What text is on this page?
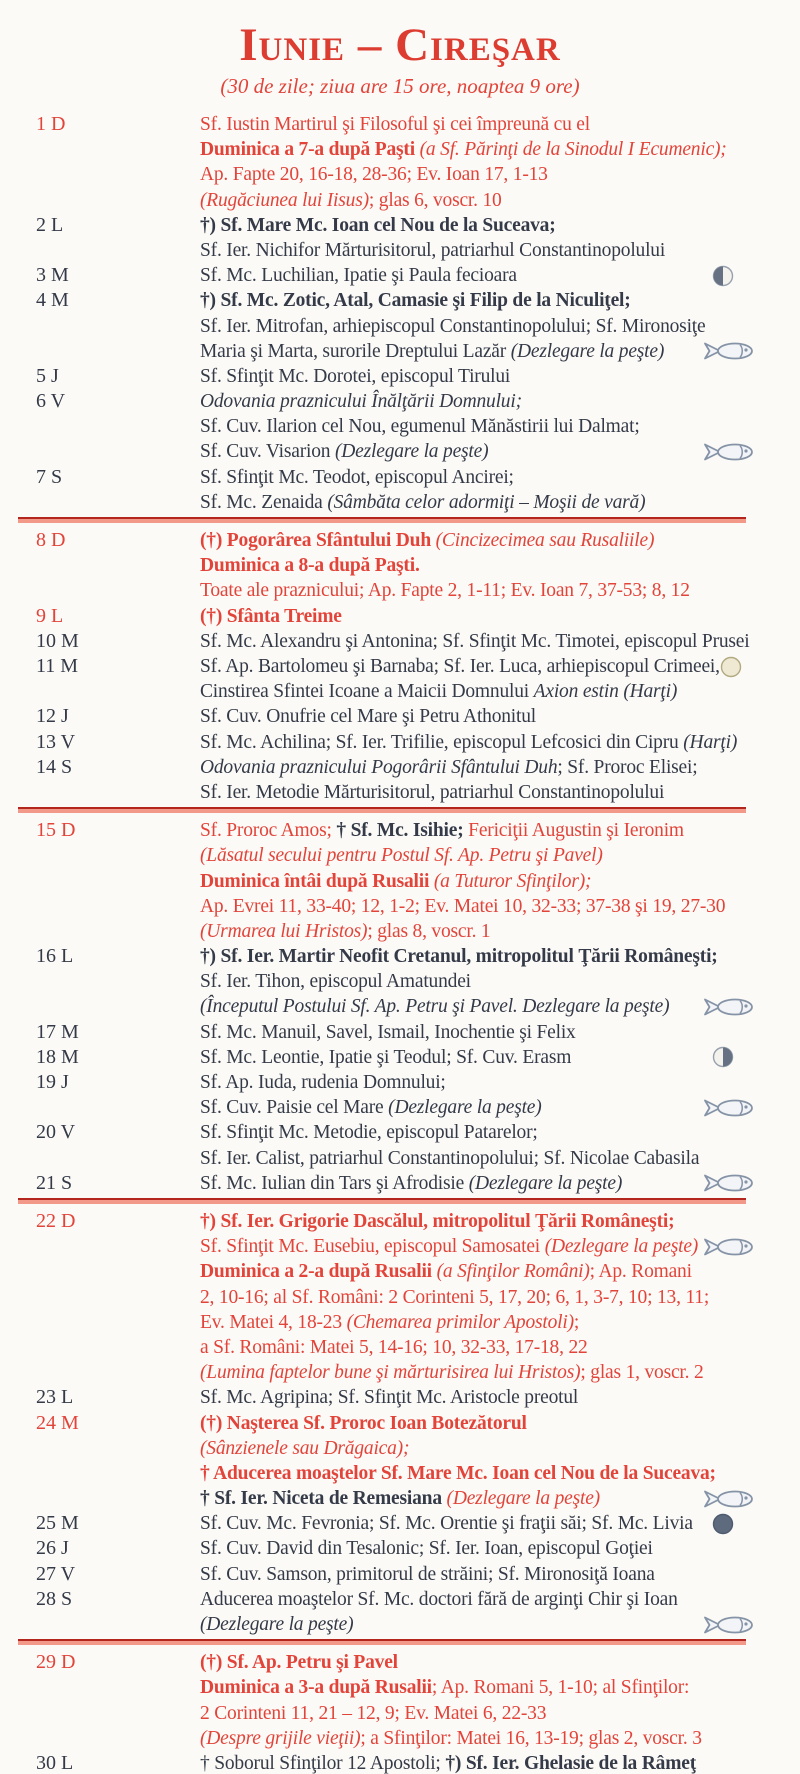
Iunie – Cireşar
(30 de zile; ziua are 15 ore, noaptea 9 ore)
1 D	Sf. Iustin Martirul şi Filosoful şi cei împreună cu el
Duminica a 7-a după Paşti (a Sf. Părinţi de la Sinodul I Ecumenic);
Ap. Fapte 20, 16-18, 28-36; Ev. Ioan 17, 1-13
(Rugăciunea lui Iisus); glas 6, voscr. 10
2 L	†) Sf. Mare Mc. Ioan cel Nou de la Suceava;
Sf. Ier. Nichifor Mărturisitorul, patriarhul Constantinopolului
3 M	Sf. Mc. Luchilian, Ipatie şi Paula fecioara
4 M	†) Sf. Mc. Zotic, Atal, Camasie şi Filip de la Niculiţel;
Sf. Ier. Mitrofan, arhiepiscopul Constantinopolului; Sf. Mironosiţe
Maria şi Marta, surorile Dreptului Lazăr (Dezlegare la peşte)
5 J	Sf. Sfinţit Mc. Dorotei, episcopul Tirului
6 V	Odovania praznicului Înălţării Domnului;
Sf. Cuv. Ilarion cel Nou, egumenul Mănăstirii lui Dalmat;
Sf. Cuv. Visarion (Dezlegare la peşte)
7 S	Sf. Sfinţit Mc. Teodot, episcopul Ancirei;
Sf. Mc. Zenaida (Sâmbăta celor adormiţi – Moşii de vară)
8 D	(†) Pogorârea Sfântului Duh (Cincizecimea sau Rusaliile)
Duminica a 8-a după Paşti.
Toate ale praznicului; Ap. Fapte 2, 1-11; Ev. Ioan 7, 37-53; 8, 12
9 L	(†) Sfânta Treime
10 M	Sf. Mc. Alexandru şi Antonina; Sf. Sfinţit Mc. Timotei, episcopul Prusei
11 M	Sf. Ap. Bartolomeu şi Barnaba; Sf. Ier. Luca, arhiepiscopul Crimeei,
Cinstirea Sfintei Icoane a Maicii Domnului Axion estin (Harţi)
12 J	Sf. Cuv. Onufrie cel Mare şi Petru Athonitul
13 V	Sf. Mc. Achilina; Sf. Ier. Trifilie, episcopul Lefcosici din Cipru (Harţi)
14 S	Odovania praznicului Pogorârii Sfântului Duh; Sf. Proroc Elisei;
Sf. Ier. Metodie Mărturisitorul, patriarhul Constantinopolului
15 D	Sf. Proroc Amos; † Sf. Mc. Isihie; Fericiţii Augustin şi Ieronim
(Lăsatul secului pentru Postul Sf. Ap. Petru şi Pavel)
Duminica întâi după Rusalii (a Tuturor Sfinţilor);
Ap. Evrei 11, 33-40; 12, 1-2; Ev. Matei 10, 32-33; 37-38 şi 19, 27-30
(Urmarea lui Hristos); glas 8, voscr. 1
16 L	†) Sf. Ier. Martir Neofit Cretanul, mitropolitul Ţării Româneşti;
Sf. Ier. Tihon, episcopul Amatundei
(Începutul Postului Sf. Ap. Petru şi Pavel. Dezlegare la peşte)
17 M	Sf. Mc. Manuil, Savel, Ismail, Inochentie şi Felix
18 M	Sf. Mc. Leontie, Ipatie şi Teodul; Sf. Cuv. Erasm
19 J	Sf. Ap. Iuda, rudenia Domnului;
Sf. Cuv. Paisie cel Mare (Dezlegare la peşte)
20 V	Sf. Sfinţit Mc. Metodie, episcopul Patarelor;
Sf. Ier. Calist, patriarhul Constantinopolului; Sf. Nicolae Cabasila
21 S	Sf. Mc. Iulian din Tars şi Afrodisie (Dezlegare la peşte)
22 D	†) Sf. Ier. Grigorie Dascălul, mitropolitul Ţării Româneşti;
Sf. Sfinţit Mc. Eusebiu, episcopul Samosatei (Dezlegare la peşte)
Duminica a 2-a după Rusalii (a Sfinţilor Români); Ap. Romani
2, 10-16; al Sf. Români: 2 Corinteni 5, 17, 20; 6, 1, 3-7, 10; 13, 11;
Ev. Matei 4, 18-23 (Chemarea primilor Apostoli);
a Sf. Români: Matei 5, 14-16; 10, 32-33, 17-18, 22
(Lumina faptelor bune şi mărturisirea lui Hristos); glas 1, voscr. 2
23 L	Sf. Mc. Agripina; Sf. Sfinţit Mc. Aristocle preotul
24 M	(†) Naşterea Sf. Proroc Ioan Botezătorul
(Sânzienele sau Drăgaica);
† Aducerea moaştelor Sf. Mare Mc. Ioan cel Nou de la Suceava;
† Sf. Ier. Niceta de Remesiana (Dezlegare la peşte)
25 M	Sf. Cuv. Mc. Fevronia; Sf. Mc. Orentie şi fraţii săi; Sf. Mc. Livia
26 J	Sf. Cuv. David din Tesalonic; Sf. Ier. Ioan, episcopul Goţiei
27 V	Sf. Cuv. Samson, primitorul de străini; Sf. Mironosiţă Ioana
28 S	Aducerea moaştelor Sf. Mc. doctori fără de arginţi Chir şi Ioan
(Dezlegare la peşte)
29 D	(†) Sf. Ap. Petru şi Pavel
Duminica a 3-a după Rusalii; Ap. Romani 5, 1-10; al Sfinţilor:
2 Corinteni 11, 21 – 12, 9; Ev. Matei 6, 22-33
(Despre grijile vieţii); a Sfinţilor: Matei 16, 13-19; glas 2, voscr. 3
30 L	† Soborul Sfinţilor 12 Apostoli; †) Sf. Ier. Ghelasie de la Râmeţ
